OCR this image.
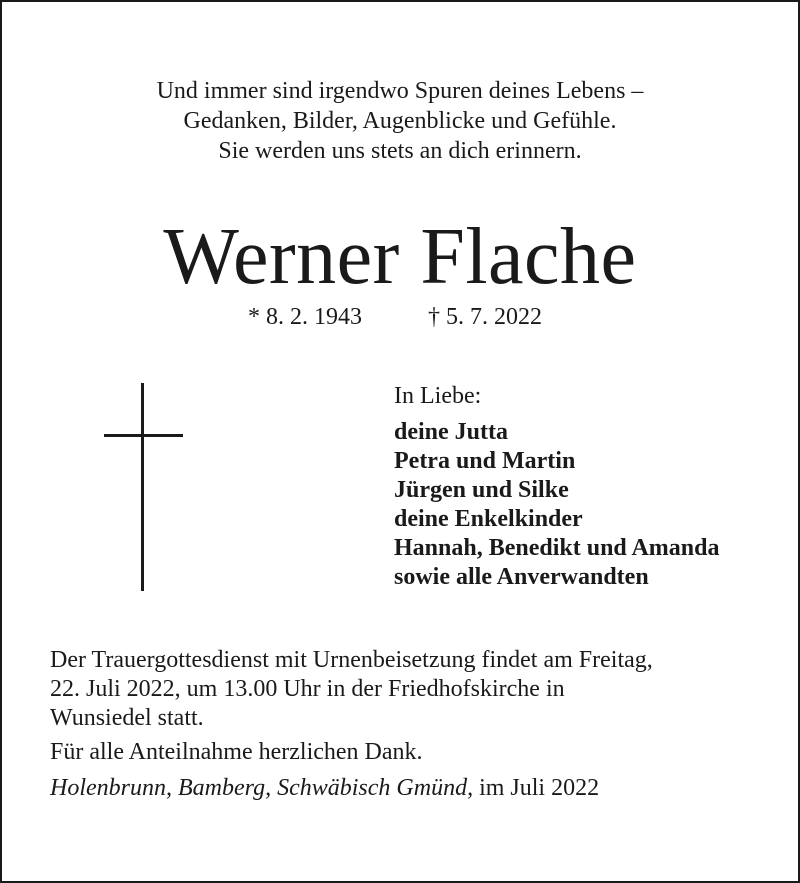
Und immer sind irgendwo Spuren deines Lebens –
Gedanken, Bilder, Augenblicke und Gefühle.
Sie werden uns stets an dich erinnern.
Werner Flache
* 8. 2. 1943	† 5. 7. 2022
In Liebe:
deine Jutta
Petra und Martin
Jürgen und Silke
deine Enkelkinder
Hannah, Benedikt und Amanda
sowie alle Anverwandten
Der Trauergottesdienst mit Urnenbeisetzung findet am Freitag,
22. Juli 2022, um 13.00 Uhr in der Friedhofskirche in
Wunsiedel statt.
Für alle Anteilnahme herzlichen Dank.
Holenbrunn, Bamberg, Schwäbisch Gmünd, im Juli 2022
